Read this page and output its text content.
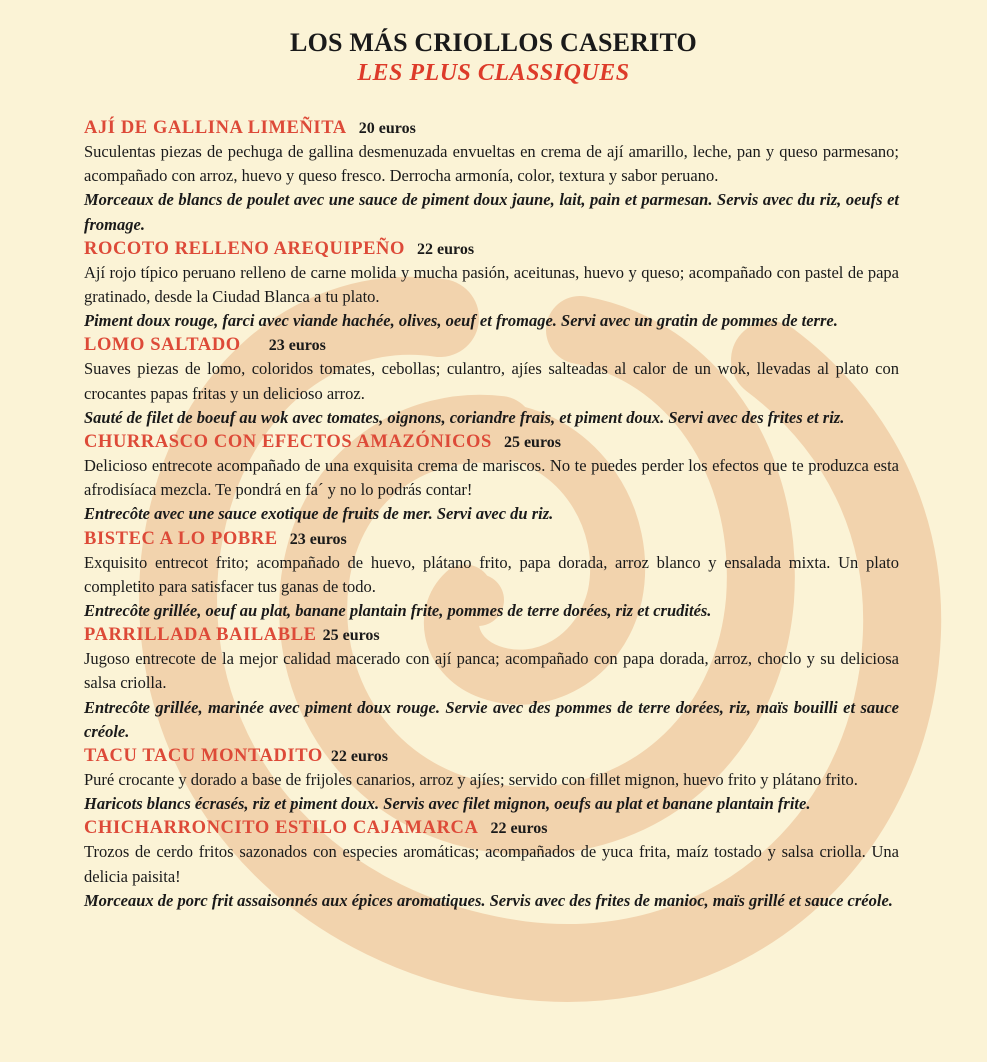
LOS MÁS CRIOLLOS CASERITO
LES PLUS CLASSIQUES

AJÍ DE GALLINA LIMEÑITA 20 euros

Suculentas piezas de pechuga de gallina desmenuzada envueltas en crema de ají amarillo, leche, pan y queso parmesano; acompañado con arroz, huevo y queso fresco. Derrocha armonía, color, textura y sabor peruano.

Morceaux de blancs de poulet avec une sauce de piment doux jaune, lait, pain et parmesan. Servis avec du riz, oeufs et fromage.

ROCOTO RELLENO AREQUIPEÑO 22 euros

Ají rojo típico peruano relleno de carne molida y mucha pasión, aceitunas, huevo y queso; acompañado con pastel de papa gratinado, desde la Ciudad Blanca a tu plato.

Piment doux rouge, farci avec viande hachée, olives, oeuf et fromage. Servi avec un gratin de pommes de terre.

LOMO SALTADO 23 euros

Suaves piezas de lomo, coloridos tomates, cebollas; culantro, ajíes salteadas al calor de un wok, llevadas al plato con crocantes papas fritas y un delicioso arroz.

Sauté de filet de boeuf au wok avec tomates, oignons, coriandre frais, et piment doux. Servi avec des frites et riz.

CHURRASCO CON EFECTOS AMAZÓNICOS 25 euros

Delicioso entrecote acompañado de una exquisita crema de mariscos. No te puedes perder los efectos que te produzca esta afrodisíaca mezcla. Te pondrá en fa´ y no lo podrás contar!

Entrecôte avec une sauce exotique de fruits de mer. Servi avec du riz.

BISTEC A LO POBRE 23 euros

Exquisito entrecot frito; acompañado de huevo, plátano frito, papa dorada, arroz blanco y ensalada mixta. Un plato completito para satisfacer tus ganas de todo.

Entrecôte grillée, oeuf au plat, banane plantain frite, pommes de terre dorées, riz et crudités.

PARRILLADA BAILABLE 25 euros

Jugoso entrecote de la mejor calidad macerado con ají panca; acompañado con papa dorada, arroz, choclo y su deliciosa salsa criolla.

Entrecôte grillée, marinée avec piment doux rouge. Servie avec des pommes de terre dorées, riz, maïs bouilli et sauce créole.

TACU TACU MONTADITO 22 euros

Puré crocante y dorado a base de frijoles canarios, arroz y ajíes; servido con fillet mignon, huevo frito y plátano frito.

Haricots blancs écrasés, riz et piment doux. Servis avec filet mignon, oeufs au plat et banane plantain frite.

CHICHARRONCITO ESTILO CAJAMARCA 22 euros

Trozos de cerdo fritos sazonados con especies aromáticas; acompañados de yuca frita, maíz tostado y salsa criolla. Una delicia paisita!

Morceaux de porc frit assaisonnés aux épices aromatiques. Servis avec des frites de manioc, maïs grillé et sauce créole.
